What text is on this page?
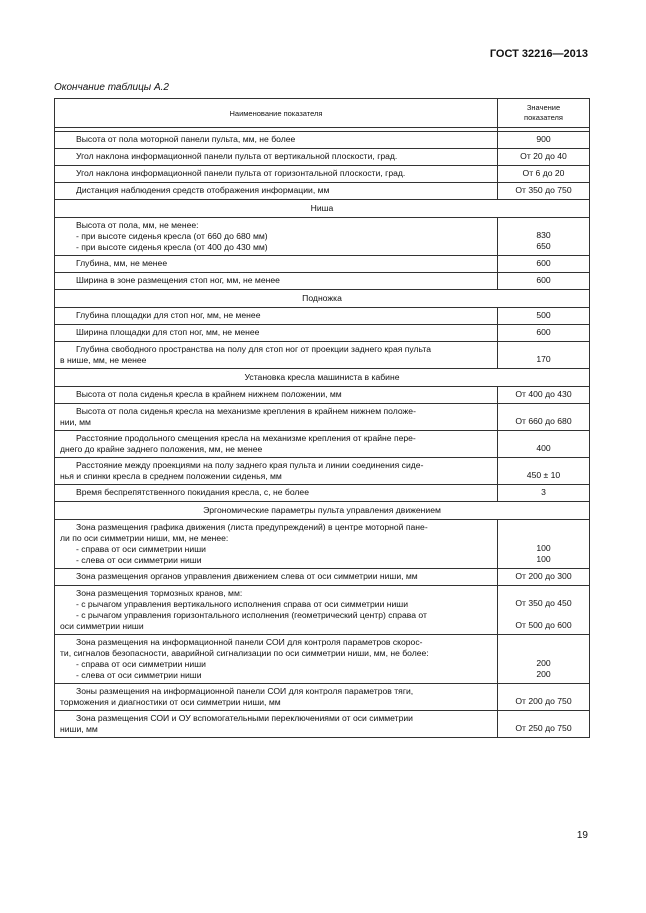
ГОСТ 32216—2013
Окончание таблицы А.2
Наименование показателя	Значение
показателя

Высота от пола моторной панели пульта, мм, не более	900

Угол наклона информационной панели пульта от вертикальной плоскости, град.	От 20 до 40

Угол наклона информационной панели пульта от горизонтальной плоскости, град.	От 6 до 20

Дистанция наблюдения средств отображения информации, мм	От 350 до 750
Ниша	

Высота от пола, мм, не менее:
- при высоте сиденья кресла (от 660 до 680 мм)
- при высоте сиденья кресла (от 400 до 430 мм)	830
650

Глубина, мм, не менее	600

Ширина в зоне размещения стоп ног, мм, не менее	600
Подножка	

Глубина площадки для стоп ног, мм, не менее	500

Ширина площадки для стоп ног, мм, не менее	600

Глубина свободного пространства на полу для стоп ног от проекции заднего края пульта
в нише, мм, не менее	170
Установка кресла машиниста в кабине	

Высота от пола сиденья кресла в крайнем нижнем положении, мм	От 400 до 430

Высота от пола сиденья кресла на механизме крепления в крайнем нижнем положе-
нии, мм	От 660 до 680

Расстояние продольного смещения кресла на механизме крепления от крайне пере-
днего до крайне заднего положения, мм, не менее	400

Расстояние между проекциями на полу заднего края пульта и линии соединения сиде-
нья и спинки кресла в среднем положении сиденья, мм	450 ± 10

Время беспрепятственного покидания кресла, с, не более	3
Эргономические параметры пульта управления движением	

Зона размещения графика движения (листа предупреждений) в центре моторной пане-
ли по оси симметрии ниши, мм, не менее:
- справа от оси симметрии ниши
- слева от оси симметрии ниши	100
100

Зона размещения органов управления движением слева от оси симметрии ниши, мм	От 200 до 300

Зона размещения тормозных кранов, мм:
- с рычагом управления вертикального исполнения справа от оси симметрии ниши
- с рычагом управления горизонтального исполнения (геометрический центр) справа от
оси симметрии ниши	От 350 до 450
От 500 до 600

Зона размещения на информационной панели СОИ для контроля параметров скорос-
ти, сигналов безопасности, аварийной сигнализации по оси симметрии ниши, мм, не более:
- справа от оси симметрии ниши
- слева от оси симметрии ниши	200
200

Зоны размещения на информационной панели СОИ для контроля параметров тяги,
торможения и диагностики от оси симметрии ниши, мм	От 200 до 750

Зона размещения СОИ и ОУ вспомогательными переключениями от оси симметрии
ниши, мм	От 250 до 750
19
